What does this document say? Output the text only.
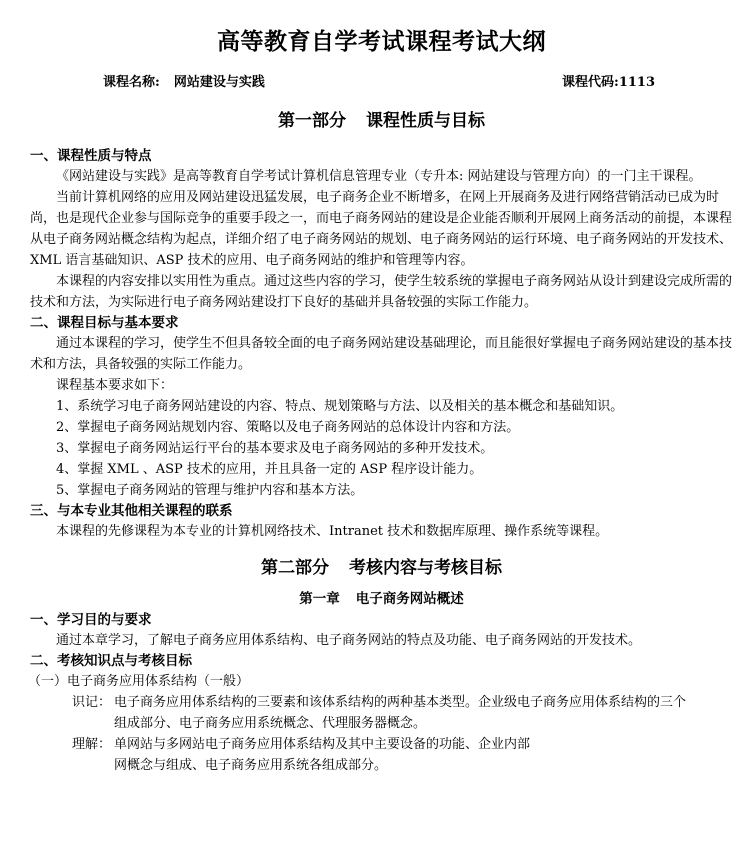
高等教育自学考试课程考试大纲
课程名称: 网站建设与实践	课程代码:1113
第一部分 课程性质与目标
一、课程性质与特点

《网站建设与实践》是高等教育自学考试计算机信息管理专业（专升本: 网站建设与管理方向）的一门主干课程。

当前计算机网络的应用及网站建设迅猛发展，电子商务企业不断增多，在网上开展商务及进行网络营销活动已成为时尚，也是现代企业参与国际竞争的重要手段之一，而电子商务网站的建设是企业能否顺利开展网上商务活动的前提，本课程从电子商务网站概念结构为起点，详细介绍了电子商务网站的规划、电子商务网站的运行环境、电子商务网站的开发技术、XML 语言基础知识、ASP 技术的应用、电子商务网站的维护和管理等内容。

本课程的内容安排以实用性为重点。通过这些内容的学习，使学生较系统的掌握电子商务网站从设计到建设完成所需的技术和方法，为实际进行电子商务网站建设打下良好的基础并具备较强的实际工作能力。

二、课程目标与基本要求

通过本课程的学习，使学生不但具备较全面的电子商务网站建设基础理论，而且能很好掌握电子商务网站建设的基本技术和方法，具备较强的实际工作能力。

课程基本要求如下：

1、系统学习电子商务网站建设的内容、特点、规划策略与方法、以及相关的基本概念和基础知识。

2、掌握电子商务网站规划内容、策略以及电子商务网站的总体设计内容和方法。

3、掌握电子商务网站运行平台的基本要求及电子商务网站的多种开发技术。

4、掌握 XML 、ASP 技术的应用，并且具备一定的 ASP 程序设计能力。

5、掌握电子商务网站的管理与维护内容和基本方法。

三、与本专业其他相关课程的联系

本课程的先修课程为本专业的计算机网络技术、Intranet 技术和数据库原理、操作系统等课程。

第二部分 考核内容与考核目标
第一章 电子商务网站概述
一、学习目的与要求

通过本章学习，了解电子商务应用体系结构、电子商务网站的特点及功能、电子商务网站的开发技术。

二、考核知识点与考核目标

（一）电子商务应用体系结构（一般）

识记： 电子商务应用体系结构的三要素和该体系结构的两种基本类型。企业级电子商务应用体系结构的三个

组成部分、电子商务应用系统概念、代理服务器概念。

理解： 单网站与多网站电子商务应用体系结构及其中主要设备的功能、企业内部

网概念与组成、电子商务应用系统各组成部分。
